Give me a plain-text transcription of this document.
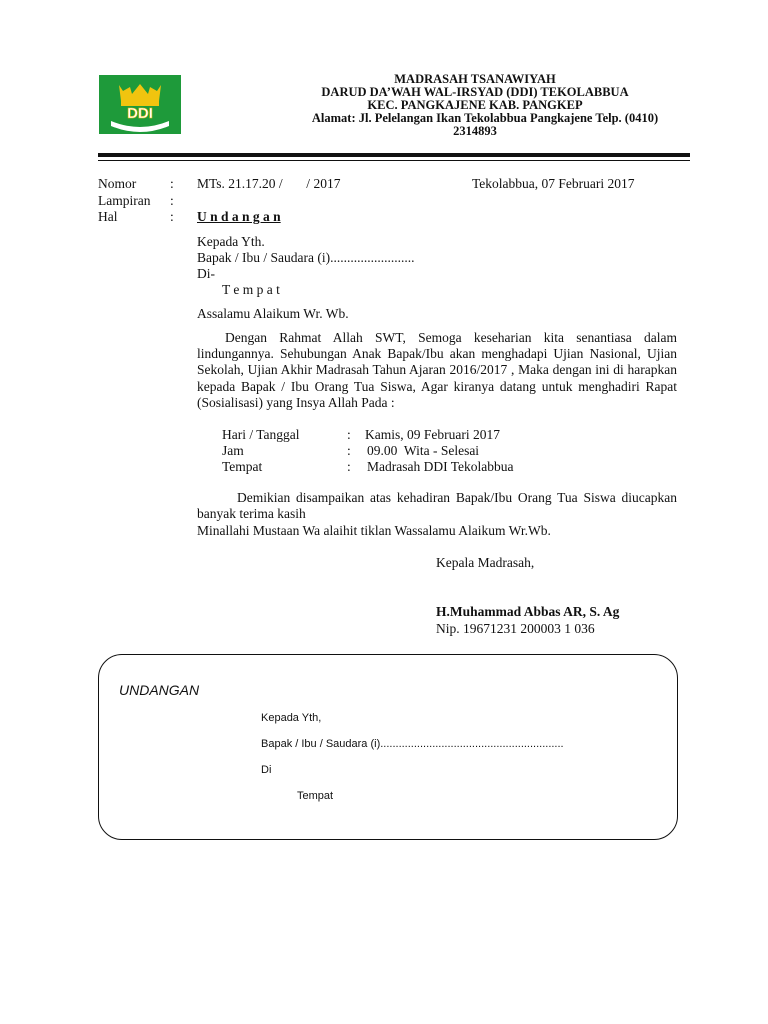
DDI
MADRASAH TSANAWIYAH
DARUD DA’WAH WAL-IRSYAD (DDI) TEKOLABBUA
KEC. PANGKAJENE KAB. PANGKEP
Alamat: Jl. Pelelangan Ikan Tekolabbua Pangkajene Telp. (0410)
2314893
Nomor	: MTs. 21.17.20 /       / 2017	Tekolabbua, 07 Februari 2017
Lampiran :
Hal	: U n d a n g a n
Kepada Yth.
Bapak / Ibu / Saudara (i).........................
Di-
T e m p a t
Assalamu Alaikum Wr. Wb.
Dengan Rahmat Allah SWT, Semoga keseharian kita senantiasa dalam lindungannya. Sehubungan Anak Bapak/Ibu akan menghadapi Ujian Nasional, Ujian Sekolah, Ujian Akhir Madrasah Tahun Ajaran 2016/2017 , Maka dengan ini di harapkan kepada Bapak / Ibu Orang Tua Siswa, Agar kiranya datang untuk menghadiri Rapat (Sosialisasi) yang Insya Allah Pada :
Hari / Tanggal	: Kamis, 09 Februari 2017
Jam	: 09.00  Wita - Selesai
Tempat	: Madrasah DDI Tekolabbua
Demikian disampaikan atas kehadiran Bapak/Ibu Orang Tua Siswa diucapkan banyak terima kasih
Minallahi Mustaan Wa alaihit tiklan Wassalamu Alaikum Wr.Wb.
Kepala Madrasah,
H.Muhammad Abbas AR, S. Ag
Nip. 19671231 200003 1 036
UNDANGAN
Kepada Yth,
Bapak / Ibu / Saudara (i)............................................................
Di
Tempat
